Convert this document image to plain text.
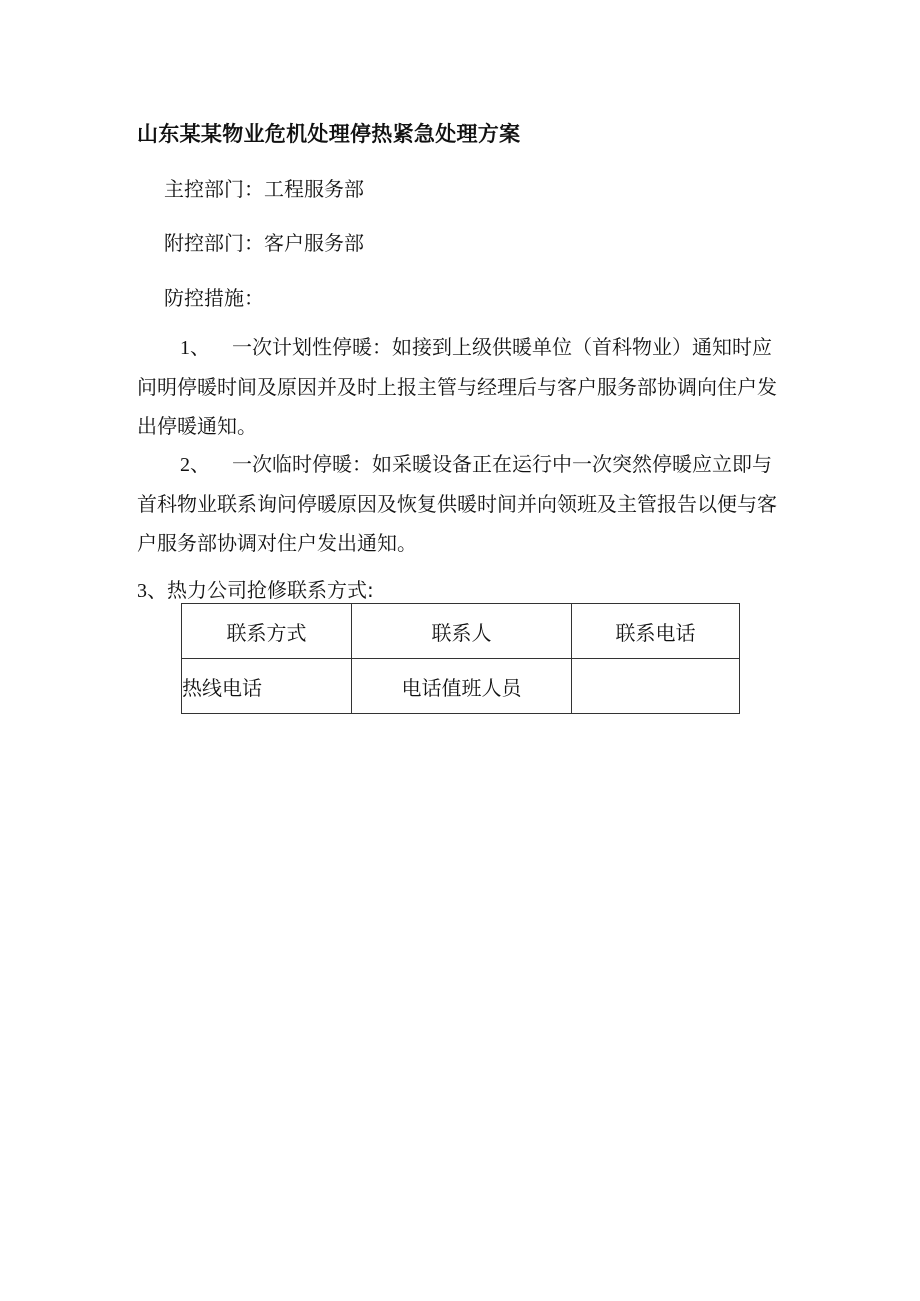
山东某某物业危机处理停热紧急处理方案
主控部门：工程服务部
附控部门：客户服务部
防控措施：
1、 一次计划性停暖：如接到上级供暖单位（首科物业）通知时应问明停暖时间及原因并及时上报主管与经理后与客户服务部协调向住户发出停暖通知。
2、 一次临时停暖：如采暖设备正在运行中一次突然停暖应立即与首科物业联系询问停暖原因及恢复供暖时间并向领班及主管报告以便与客户服务部协调对住户发出通知。
3、热力公司抢修联系方式:
联系方式	联系人	联系电话
热线电话	电话值班人员	
